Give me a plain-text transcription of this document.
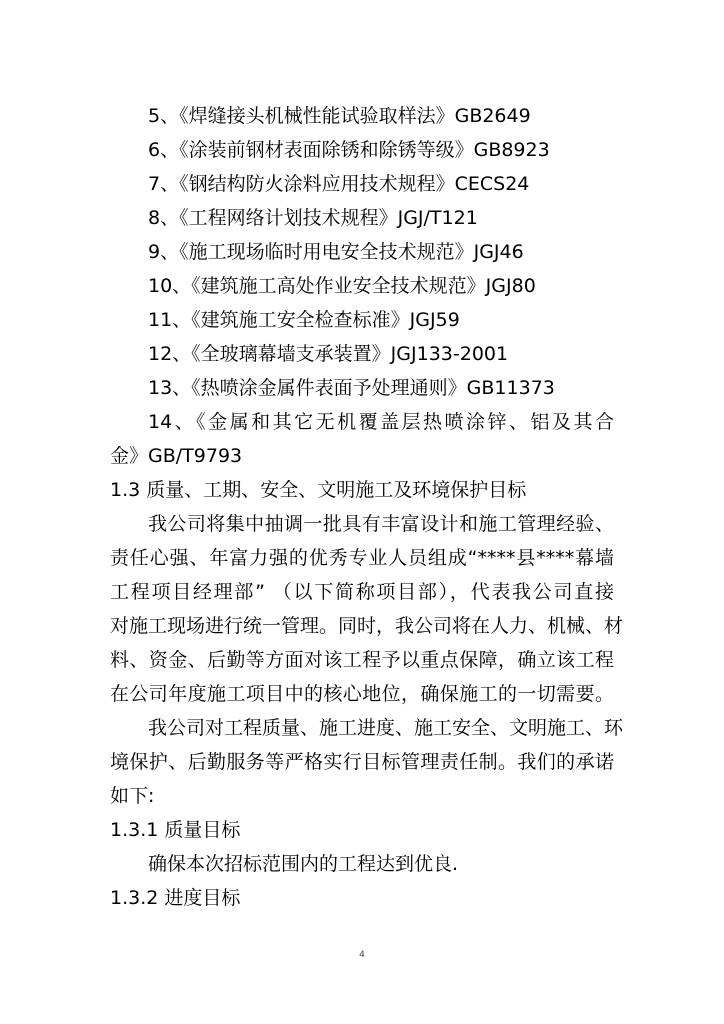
5、《焊缝接头机械性能试验取样法》GB2649
6、《涂装前钢材表面除锈和除锈等级》GB8923
7、《钢结构防火涂料应用技术规程》CECS24
8、《工程网络计划技术规程》JGJ/T121
9、《施工现场临时用电安全技术规范》JGJ46
10、《建筑施工高处作业安全技术规范》JGJ80
11、《建筑施工安全检查标准》JGJ59
12、《全玻璃幕墙支承装置》JGJ133-2001
13、《热喷涂金属件表面予处理通则》GB11373
14、《金属和其它无机覆盖层热喷涂锌、铝及其合
金》GB/T9793
1.3 质量、工期、安全、文明施工及环境保护目标
我公司将集中抽调一批具有丰富设计和施工管理经验、
责任心强、年富力强的优秀专业人员组成“****县****幕墙
工程项目经理部” （以下简称项目部），代表我公司直接
对施工现场进行统一管理。同时，我公司将在人力、机械、材
料、资金、后勤等方面对该工程予以重点保障，确立该工程
在公司年度施工项目中的核心地位，确保施工的一切需要。
我公司对工程质量、施工进度、施工安全、文明施工、环
境保护、后勤服务等严格实行目标管理责任制。我们的承诺
如下:
1.3.1 质量目标
确保本次招标范围内的工程达到优良.
1.3.2 进度目标
4
